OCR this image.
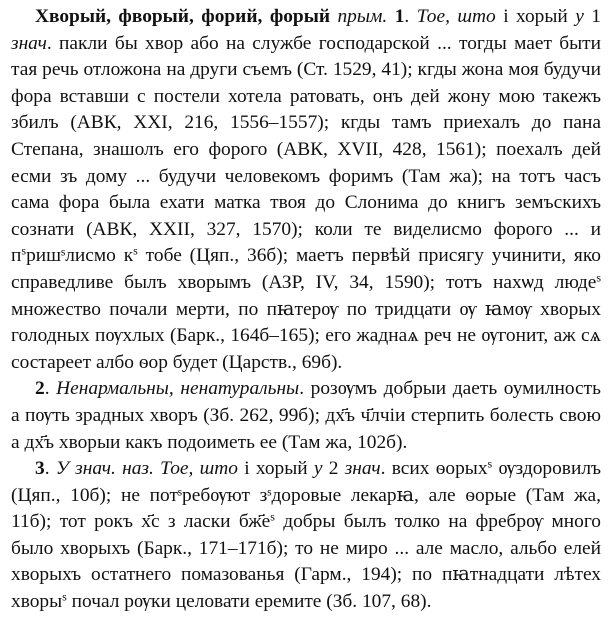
Хворый, фворый, форий, форый прым. 1. Тое, што і хорый у 1 знач. пакли бы хвор або на службе господарской ... тогды мает быти тая речь отложона на други съемъ (Ст. 1529, 41); кгды жона моя будучи фора вставши с постели хотела ратовать, онъ дей жону мою такежъ збилъ (АВК, XXI, 216, 1556–1557); кгды тамъ приехалъ до пана Степана, знашолъ его форого (АВК, XVII, 428, 1561); поехалъ дей есми зъ дому ... будучи человекомъ форимъ (Там жа); на тотъ часъ сама фора была ехати матка твоя до Слонима до книгъ земъскихъ сознати (АВК, XXII, 327, 1570); коли те виделисмо форого ... и $п^sришˢлисмо$ $к^s$ тобе (Цяп., 36б); маетъ первѣй присягу учинити, яко справедливе былъ хворымъ (АЗР, IV, 34, 1590); тотъ нахѡд люде$^s$ множество почали мерти, по пꙗтерѹ по тридцати ѹ ꙗмѹ хворых голодных пѹхлых (Барк., 164б–165); его жаднаѧ реч не ѹгонит, аж сѧ состареет албо ѳор будет (Царств., 69б).

2. Ненармальны, ненатуральны. розѹмъ добрыи даеть оумилность а пѹть зрадных хворъ (Зб. 262, 99б); дх҃ъ ч҃лчіи стерпить болесть свою а дх҃ъ хворыи какъ подоиметь ее (Там жа, 102б).

3. У знач. наз. Тое, што і хорый у 2 знач. всих ѳорых$^s$ ѹздоровилъ (Цяп., 10б); не потˢребѹют зˢдоровые лекарꙗ, але ѳорые (Там жа, 11б); тот рокъ х҃с з ласки $бж҃е^s$ добры былъ толко на фребрѹ много было хворыхъ (Барк., 171–171б); то не миро ... але масло, альбо елей хворыхъ остатнего помазованья (Гарм., 194); по пꙗтнадцати лѣтех хворы$^s$ почал рѹки целовати еремите (Зб. 107, 68).
